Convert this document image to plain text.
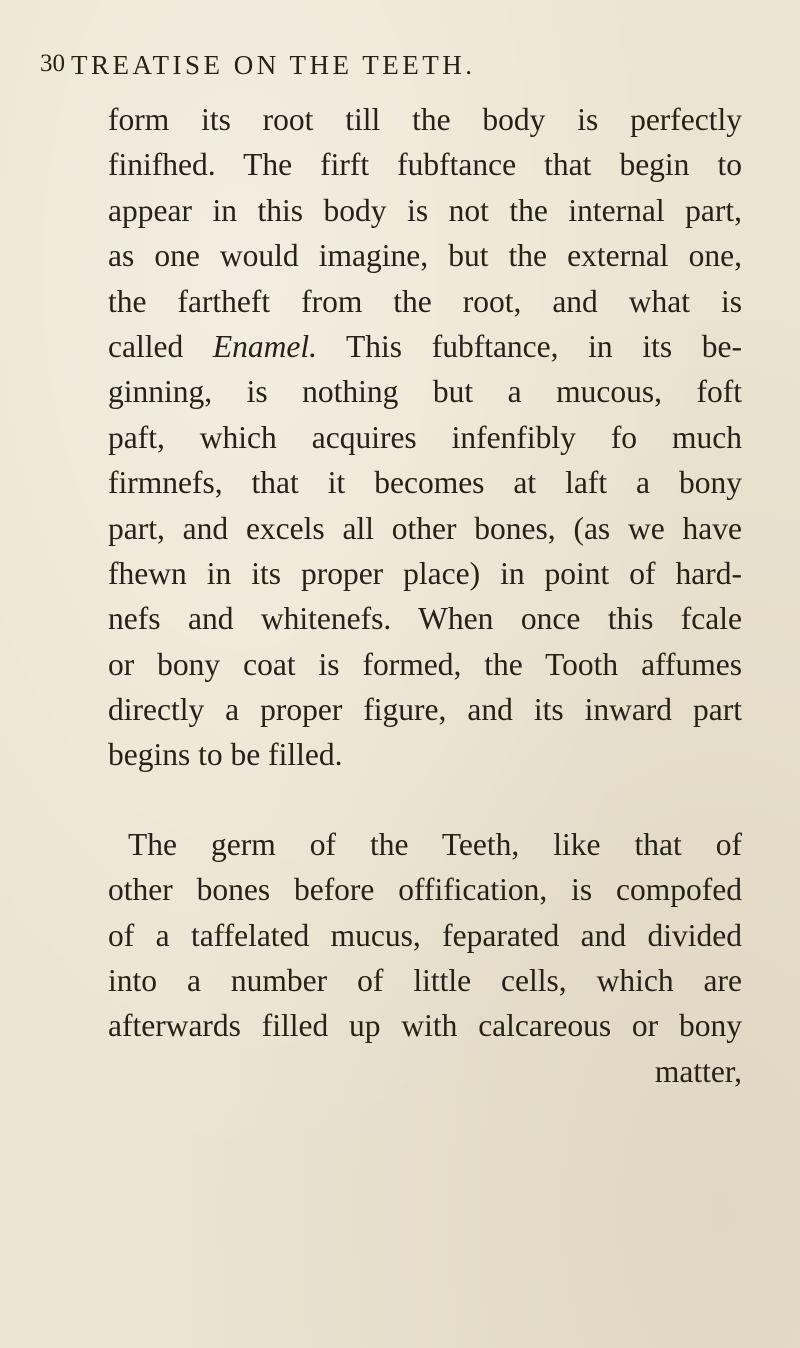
30 TREATISE ON THE TEETH.
form its root till the body is perfectly
finifhed. The firft fubftance that begin to
appear in this body is not the internal part,
as one would imagine, but the external one,
the fartheft from the root, and what is
called Enamel. This fubftance, in its be-
ginning, is nothing but a mucous, foft
paft, which acquires infenfibly fo much
firmnefs, that it becomes at laft a bony
part, and excels all other bones, (as we have
fhewn in its proper place) in point of hard-
nefs and whitenefs. When once this fcale
or bony coat is formed, the Tooth affumes
directly a proper figure, and its inward part
begins to be filled.
The germ of the Teeth, like that of
other bones before offification, is compofed
of a taffelated mucus, feparated and divided
into a number of little cells, which are
afterwards filled up with calcareous or bony
matter,
